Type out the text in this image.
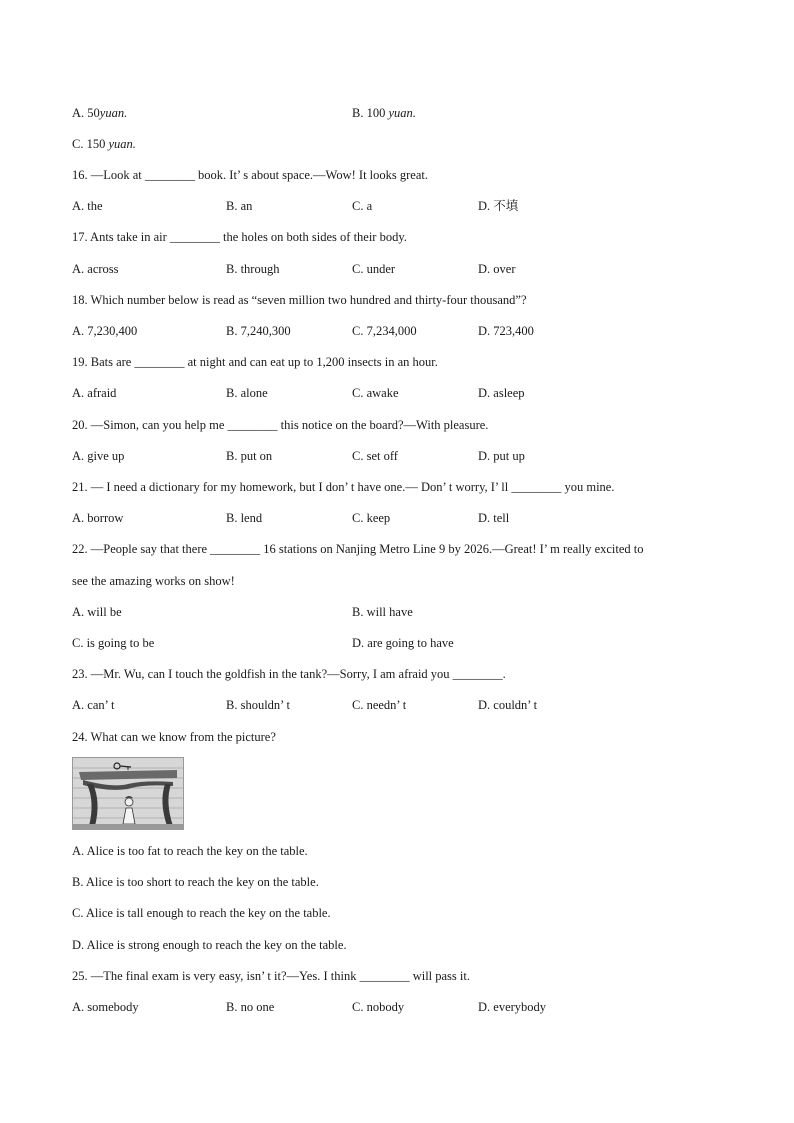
A. 50yuan.	B. 100 yuan.
C. 150 yuan.
16. —Look at ________ book. It’ s about space.—Wow! It looks great.
A. the	B. an	C. a	D. 不填
17. Ants take in air ________ the holes on both sides of their body.
A. across	B. through	C. under	D. over
18. Which number below is read as “seven million two hundred and thirty-four thousand”?
A. 7,230,400	B. 7,240,300	C. 7,234,000	D. 723,400
19. Bats are ________ at night and can eat up to 1,200 insects in an hour.
A. afraid	B. alone	C. awake	D. asleep
20. —Simon, can you help me ________ this notice on the board?—With pleasure.
A. give up	B. put on	C. set off	D. put up
21. — I need a dictionary for my homework, but I don’ t have one.— Don’ t worry, I’ ll ________ you mine.
A. borrow	B. lend	C. keep	D. tell
22. —People say that there ________ 16 stations on Nanjing Metro Line 9 by 2026.—Great! I’ m really excited to
see the amazing works on show!
A. will be	B. will have
C. is going to be	D. are going to have
23. —Mr. Wu, can I touch the goldfish in the tank?—Sorry, I am afraid you ________.
A. can’ t	B. shouldn’ t	C. needn’ t	D. couldn’ t
24. What can we know from the picture?
A. Alice is too fat to reach the key on the table.
B. Alice is too short to reach the key on the table.
C. Alice is tall enough to reach the key on the table.
D. Alice is strong enough to reach the key on the table.
25. —The final exam is very easy, isn’ t it?—Yes. I think ________ will pass it.
A. somebody	B. no one	C. nobody	D. everybody
